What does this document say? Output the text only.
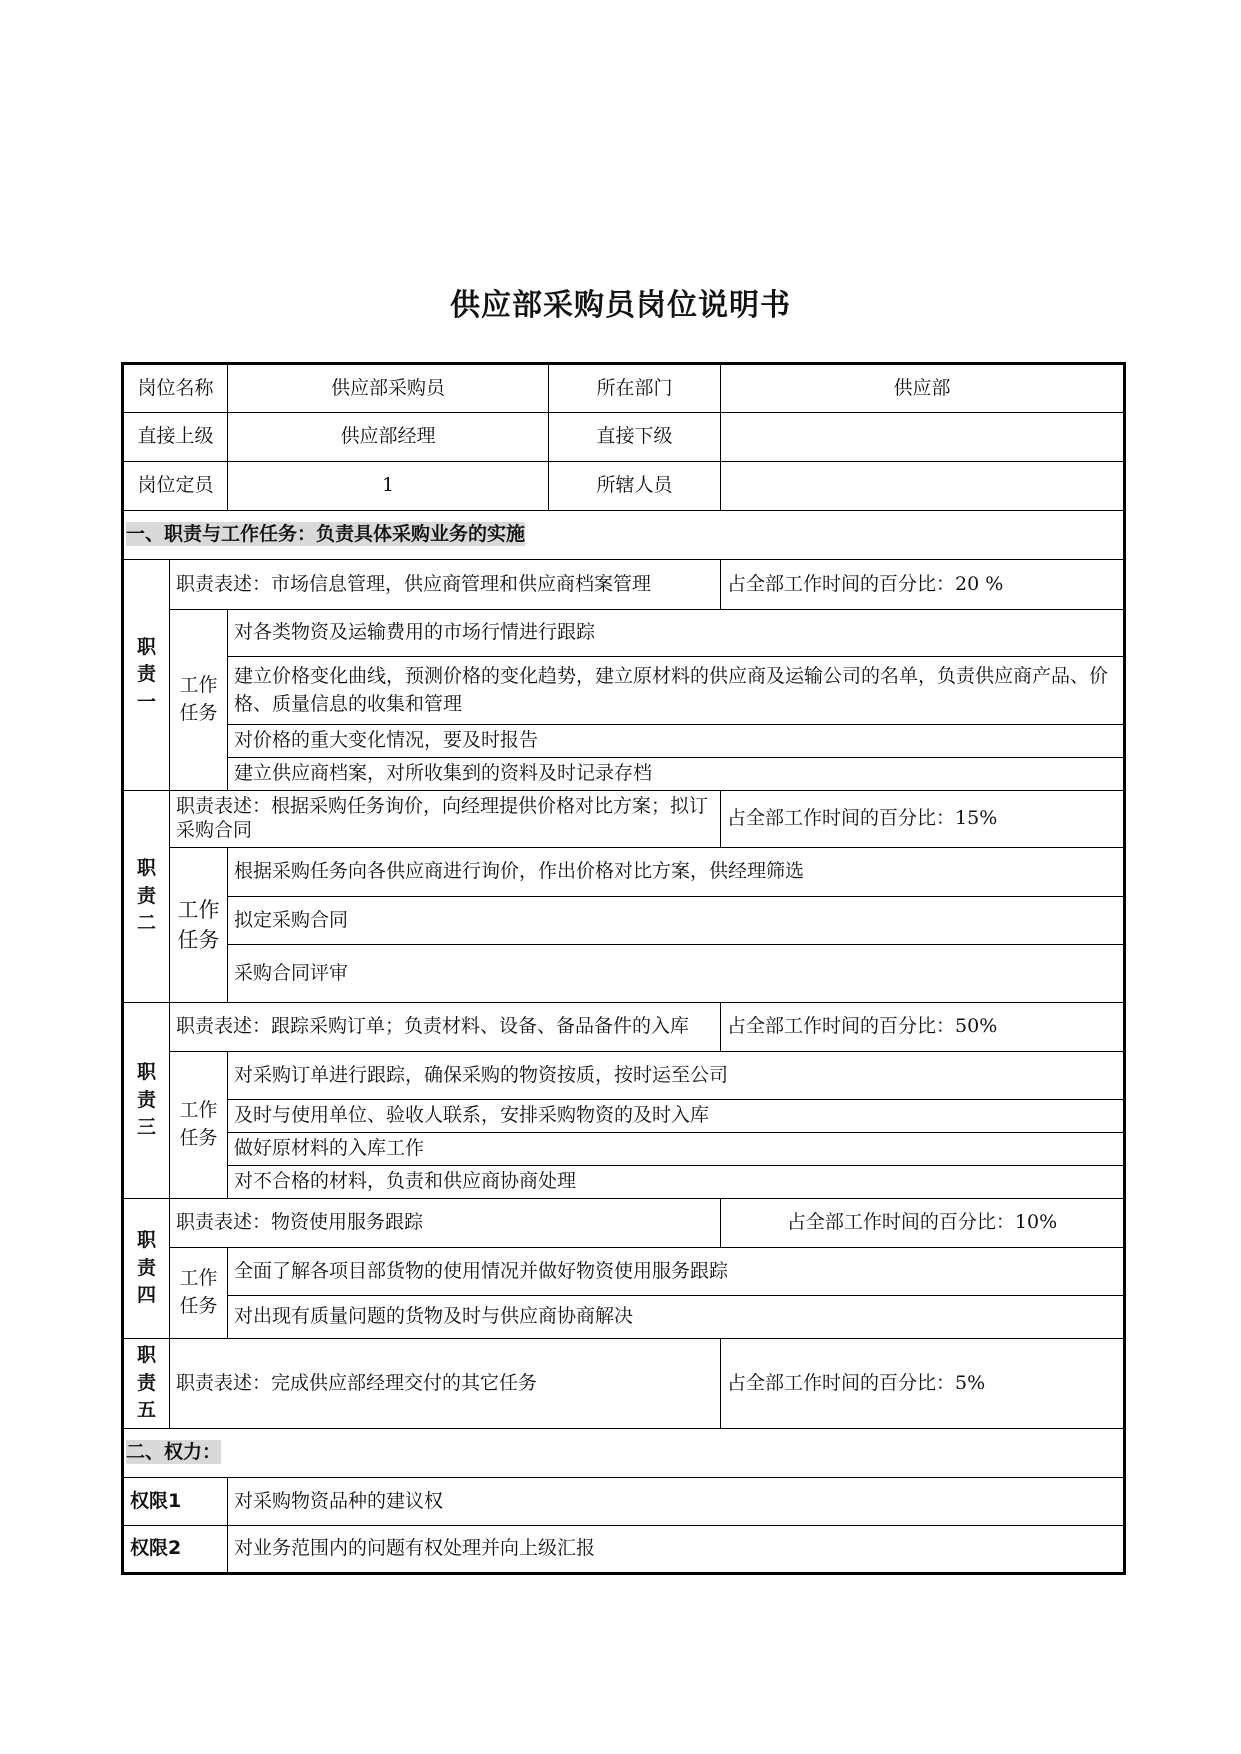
供应部采购员岗位说明书
岗位名称		供应部采购员	所在部门	供应部
直接上级		供应部经理	直接下级	
岗位定员		1	所辖人员	
一、职责与工作任务：负责具体采购业务的实施				
职责一	职责表述：市场信息管理，供应商管理和供应商档案管理			占全部工作时间的百分比：20 %
	工作任务	对各类物资及运输费用的市场行情进行跟踪		
		建立价格变化曲线，预测价格的变化趋势，建立原材料的供应商及运输公司的名单，负责供应商产品、价格、质量信息的收集和管理		
		对价格的重大变化情况，要及时报告		
		建立供应商档案，对所收集到的资料及时记录存档		
职责二	职责表述：根据采购任务询价，向经理提供价格对比方案；拟订采购合同			占全部工作时间的百分比：15%
	工作任务	根据采购任务向各供应商进行询价，作出价格对比方案，供经理筛选		
		拟定采购合同		
		采购合同评审		
职责三	职责表述：跟踪采购订单；负责材料、设备、备品备件的入库			占全部工作时间的百分比：50%
	工作任务	对采购订单进行跟踪，确保采购的物资按质，按时运至公司		
		及时与使用单位、验收人联系，安排采购物资的及时入库		
		做好原材料的入库工作		
		对不合格的材料，负责和供应商协商处理		
职责四	职责表述：物资使用服务跟踪			占全部工作时间的百分比：10%
	工作任务	全面了解各项目部货物的使用情况并做好物资使用服务跟踪		
		对出现有质量问题的货物及时与供应商协商解决		
职责五	职责表述：完成供应部经理交付的其它任务			占全部工作时间的百分比：5%
二、权力：				
权限1		对采购物资品种的建议权		
权限2		对业务范围内的问题有权处理并向上级汇报		
